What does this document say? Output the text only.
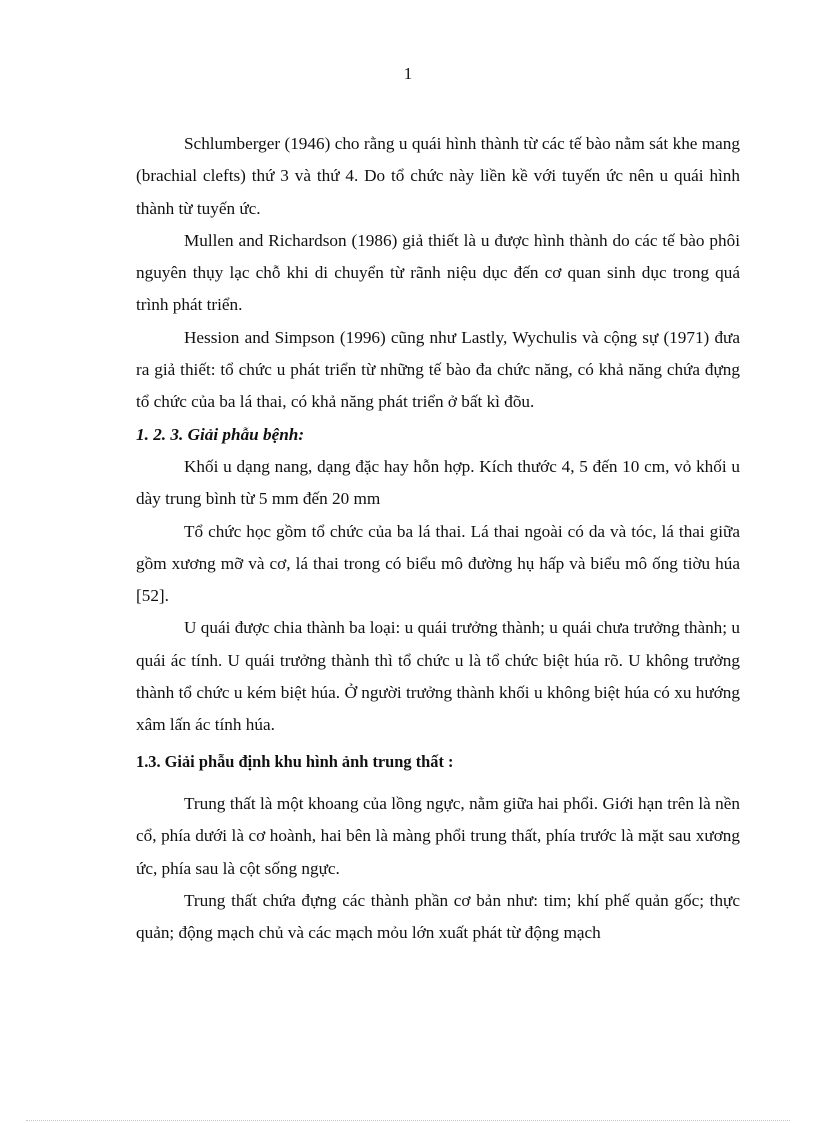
1

Schlumberger (1946) cho rằng u quái hình thành từ các tế bào nằm sát khe mang (brachial clefts) thứ 3 và thứ 4. Do tổ chức này liền kề với tuyến ức nên u quái hình thành từ tuyến ức.

Mullen and Richardson (1986) giả thiết là u được hình thành do các tế bào phôi nguyên thụy lạc chỗ khi di chuyển từ rãnh niệu dục đến cơ quan sinh dục trong quá trình phát triển.

Hession and Simpson (1996) cũng như Lastly, Wychulis và cộng sự (1971) đưa ra giả thiết: tổ chức u phát triển từ những tế bào đa chức năng, có khả năng chứa đựng tổ chức của ba lá thai, có khả năng phát triển ở bất kì đõu.

1. 2. 3. Giải phẫu bệnh:

Khối u dạng nang, dạng đặc hay hỗn hợp. Kích thước 4, 5 đến 10 cm, vỏ khối u dày trung bình từ 5 mm đến 20 mm

Tổ chức học gồm tổ chức của ba lá thai. Lá thai ngoài có da và tóc, lá thai giữa gồm xương mỡ và cơ, lá thai trong có biểu mô đường hụ hấp và biểu mô ống tiờu húa [52].

U quái được chia thành ba loại: u quái trưởng thành; u quái chưa trưởng thành; u quái ác tính. U quái trưởng thành thì tổ chức u là tổ chức biệt húa rõ. U không trưởng thành tổ chức u kém biệt húa. Ở người trưởng thành khối u không biệt húa có xu hướng xâm lấn ác tính húa.

1.3. Giải phẫu định khu hình ảnh trung thất :

Trung thất là một khoang của lồng ngực, nằm giữa hai phổi. Giới hạn trên là nền cổ, phía dưới là cơ hoành, hai bên là màng phổi trung thất, phía trước là mặt sau xương ức, phía sau là cột sống ngực.

Trung thất chứa đựng các thành phần cơ bản như: tim; khí phế quản gốc; thực quản; động mạch chủ và các mạch mỏu lớn xuất phát từ động mạch
